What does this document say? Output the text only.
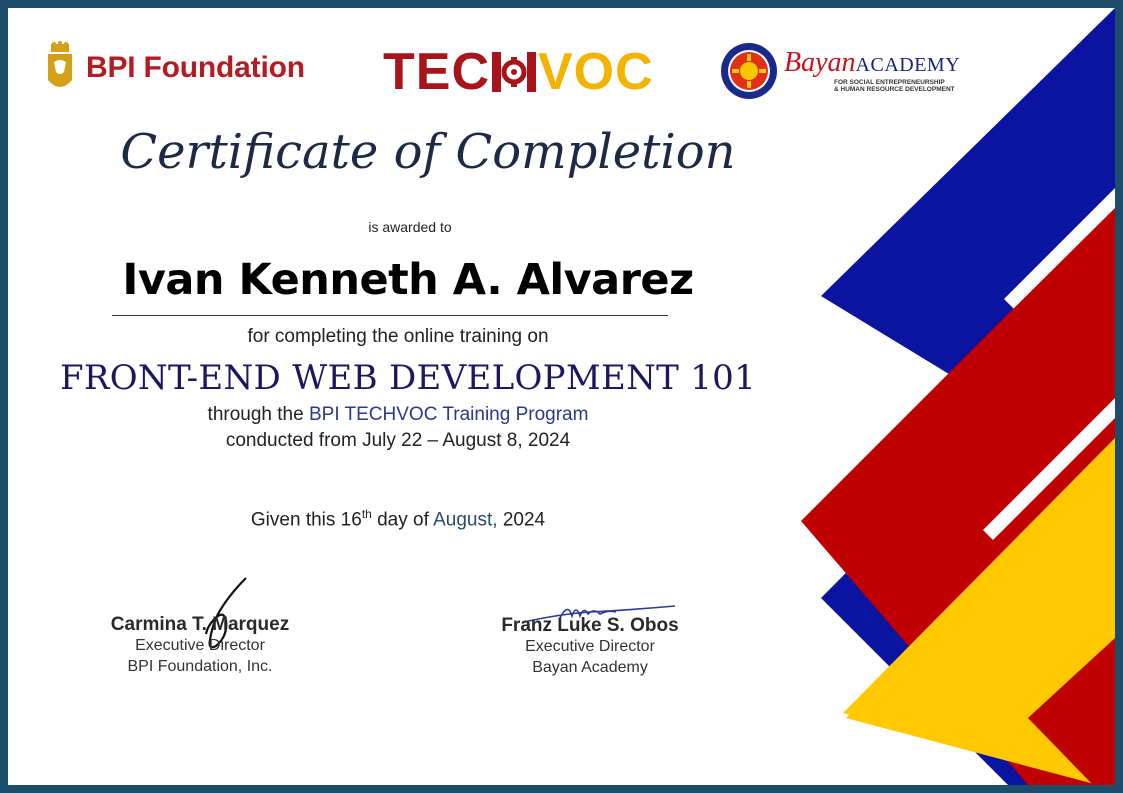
BPI Foundation TEC VOC	BayanACADEMY
FOR SOCIAL ENTREPRENEURSHIP
& HUMAN RESOURCE DEVELOPMENT
Certificate of Completion
is awarded to
Ivan Kenneth A. Alvarez
for completing the online training on
FRONT-END WEB DEVELOPMENT 101
through the BPI TECHVOC Training Program
conducted from July 22 – August 8, 2024
Given this 16th day of August, 2024
Carmina T. Marquez
Executive Director
BPI Foundation, Inc.
Franz Luke S. Obos
Executive Director
Bayan Academy
